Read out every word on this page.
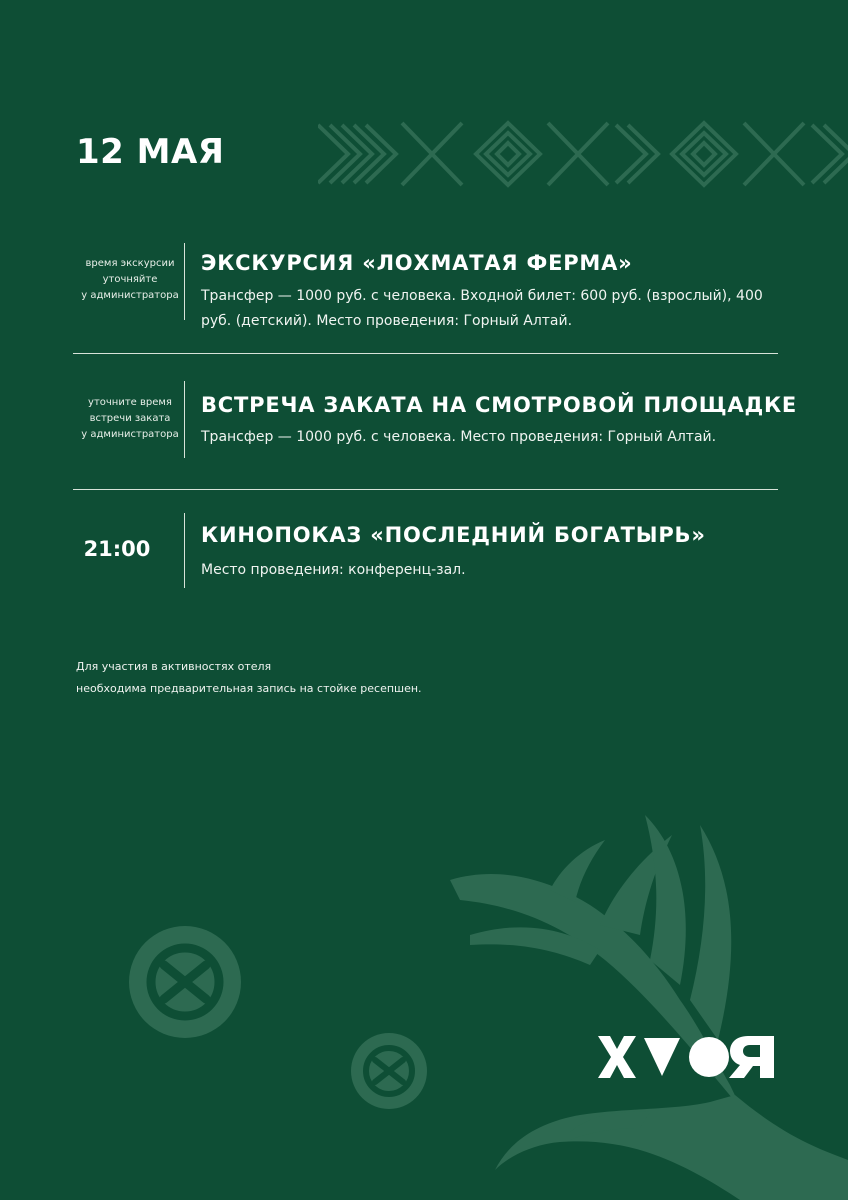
12 МАЯ
время экскурсии
уточняйте
у администратора
ЭКСКУРСИЯ «ЛОХМАТАЯ ФЕРМА»
Трансфер — 1000 руб. с человека. Входной билет: 600 руб. (взрослый), 400 руб. (детский). Место проведения: Горный Алтай.
уточните время
встречи заката
у администратора
ВСТРЕЧА ЗАКАТА НА СМОТРОВОЙ ПЛОЩАДКЕ
Трансфер — 1000 руб. с человека. Место проведения: Горный Алтай.
21:00
КИНОПОКАЗ «ПОСЛЕДНИЙ БОГАТЫРЬ»
Место проведения: конференц-зал.
Для участия в активностях отеля
необходима предварительная запись на стойке ресепшен.
